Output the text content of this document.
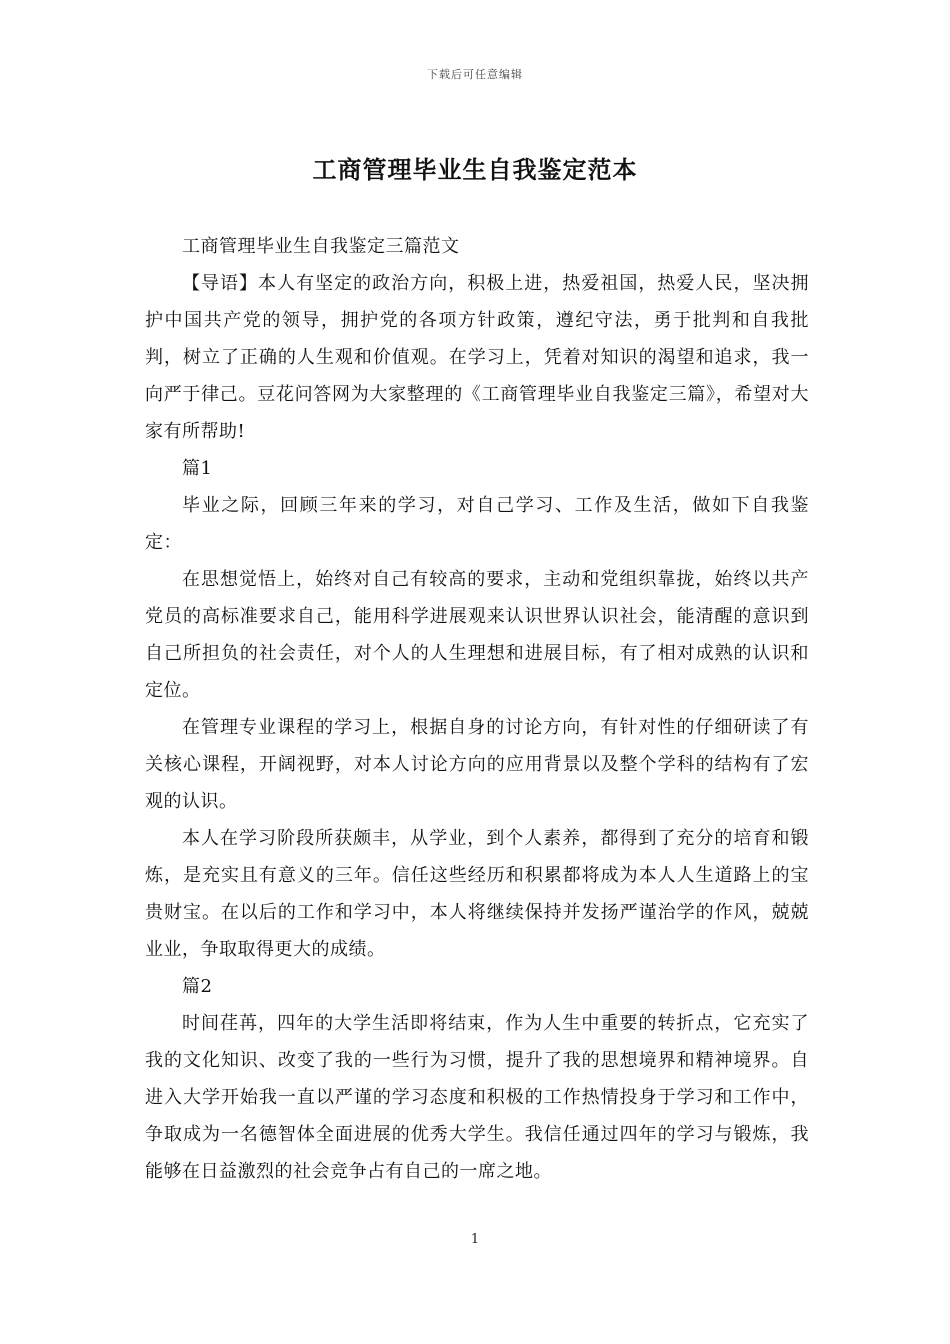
下载后可任意编辑
工商管理毕业生自我鉴定范本

工商管理毕业生自我鉴定三篇范文

【导语】本人有坚定的政治方向，积极上进，热爱祖国，热爱人民，坚决拥护中国共产党的领导，拥护党的各项方针政策，遵纪守法，勇于批判和自我批判，树立了正确的人生观和价值观。在学习上，凭着对知识的渴望和追求，我一向严于律己。豆花问答网为大家整理的《工商管理毕业自我鉴定三篇》，希望对大家有所帮助!

篇1

毕业之际，回顾三年来的学习，对自己学习、工作及生活，做如下自我鉴定：

在思想觉悟上，始终对自己有较高的要求，主动和党组织靠拢，始终以共产党员的高标准要求自己，能用科学进展观来认识世界认识社会，能清醒的意识到自己所担负的社会责任，对个人的人生理想和进展目标，有了相对成熟的认识和定位。

在管理专业课程的学习上，根据自身的讨论方向，有针对性的仔细研读了有关核心课程，开阔视野，对本人讨论方向的应用背景以及整个学科的结构有了宏观的认识。

本人在学习阶段所获颇丰，从学业，到个人素养，都得到了充分的培育和锻炼，是充实且有意义的三年。信任这些经历和积累都将成为本人人生道路上的宝贵财宝。在以后的工作和学习中，本人将继续保持并发扬严谨治学的作风，兢兢业业，争取取得更大的成绩。

篇2

时间荏苒，四年的大学生活即将结束，作为人生中重要的转折点，它充实了我的文化知识、改变了我的一些行为习惯，提升了我的思想境界和精神境界。自进入大学开始我一直以严谨的学习态度和积极的工作热情投身于学习和工作中，争取成为一名德智体全面进展的优秀大学生。我信任通过四年的学习与锻炼，我能够在日益激烈的社会竞争占有自己的一席之地。

1
